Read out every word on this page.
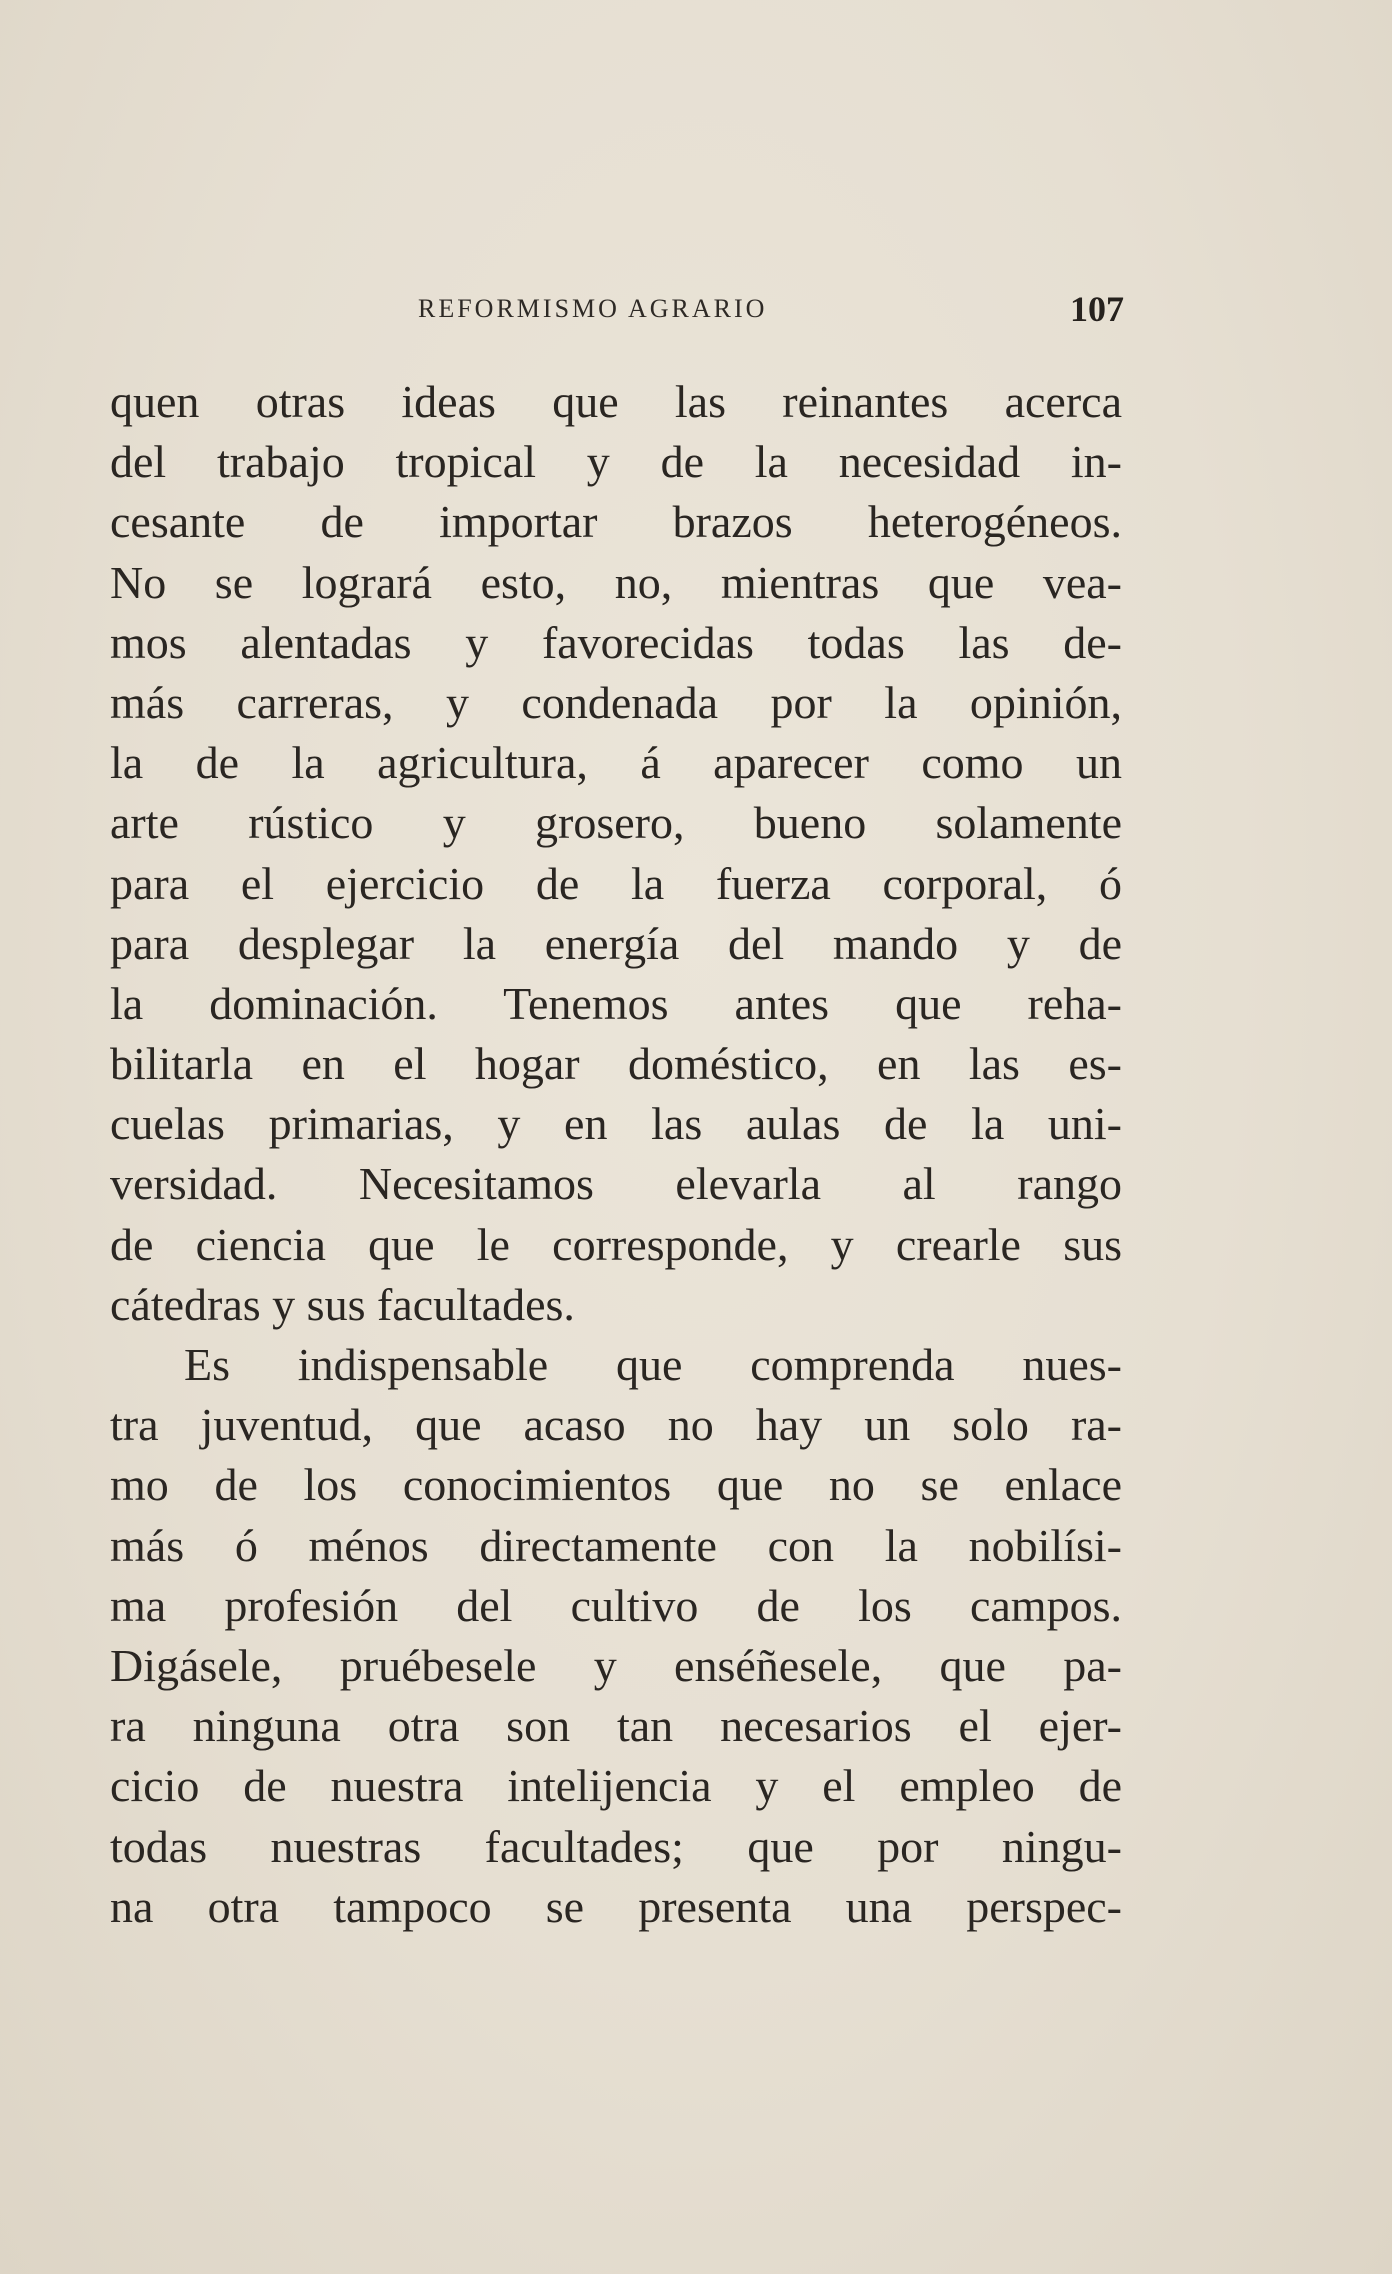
REFORMISMO AGRARIO	107
quen otras ideas que las reinantes acerca
del trabajo tropical y de la necesidad in-
cesante de importar brazos heterogéneos.
No se logrará esto, no, mientras que vea-
mos alentadas y favorecidas todas las de-
más carreras, y condenada por la opinión,
la de la agricultura, á aparecer como un
arte rústico y grosero, bueno solamente
para el ejercicio de la fuerza corporal, ó
para desplegar la energía del mando y de
la dominación. Tenemos antes que reha-
bilitarla en el hogar doméstico, en las es-
cuelas primarias, y en las aulas de la uni-
versidad. Necesitamos elevarla al rango
de ciencia que le corresponde, y crearle sus
cátedras y sus facultades.
Es indispensable que comprenda nues-
tra juventud, que acaso no hay un solo ra-
mo de los conocimientos que no se enlace
más ó ménos directamente con la nobilísi-
ma profesión del cultivo de los campos.
Digásele, pruébesele y enséñesele, que pa-
ra ninguna otra son tan necesarios el ejer-
cicio de nuestra intelijencia y el empleo de
todas nuestras facultades; que por ningu-
na otra tampoco se presenta una perspec-
